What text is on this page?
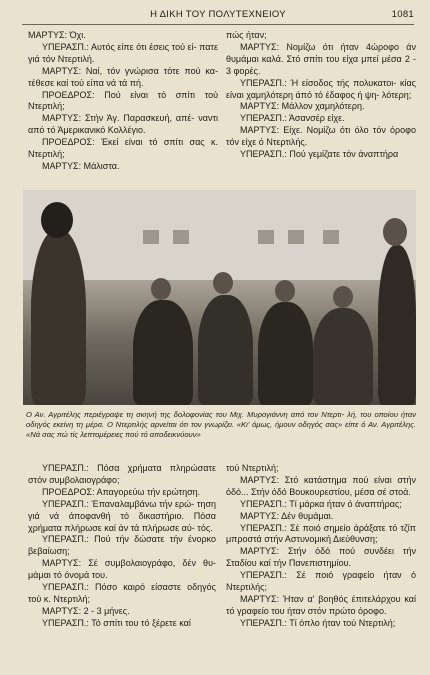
Η ΔΙΚΗ ΤΟΥ ΠΟΛΥΤΕΧΝΕΙΟΥ	1081

ΜΑΡΤΥΣ: Όχι.

ΥΠΕΡΑΣΠ.: Αυτός είπε ότι έσεις τού εί- πατε γιά τόν Ντερτιλή.

ΜΑΡΤΥΣ: Ναί, τόν γνώρισα τότε πού κα- τέθεσε καί τού είπα νά τά πή.

ΠΡΟΕΔΡΟΣ: Πού είναι τό σπίτι τού Ντερτιλή;

ΜΑΡΤΥΣ: Στήν Άγ. Παρασκευή, απέ- ναντι από τό Άμερικανικό Κολλέγιο.

ΠΡΟΕΔΡΟΣ: Έκεί είναι τό σπίτι σας κ. Ντερτιλή;

ΜΑΡΤΥΣ: Μάλιστα.

πώς ήταν;

ΜΑΡΤΥΣ: Νομίζω ότι ήταν 4ώροφο άν θυμάμαι καλά. Στό σπίτι του είχα μπεί μέσα 2 - 3 φορές.

ΥΠΕΡΑΣΠ.: Ή είσοδος τής πολυκατοι- κίας είναι χαμηλότερη άπό τό έδαφος ή ψη- λότερη;

ΜΑΡΤΥΣ: Μάλλον χαμηλότερη.

ΥΠΕΡΑΣΠ.: Άσανσέρ είχε.

ΜΑΡΤΥΣ: Είχε. Νομίζω ότι όλο τόν όροφο τόν είχε ό Ντερτιλής.

ΥΠΕΡΑΣΠ.: Πού γεμίζατε τόν άναπτήρα

Ο Αν. Αγριτέλης περιέγραψε τη σκηνή της δολοφονίας του Μιχ. Μυρογιάννη από τον Ντερτι- λή, του οποίου ήταν οδηγός εκείνη τη μέρα. Ο Ντερτιλής αρνείται ότι τον γνωρίζει. «Κι' όμως, ήμουν οδηγός σας» είπε ό Αν. Αγριτέλης. «Νά σας πώ τίς λεπτομέρειες πού τό αποδεικνύουν»

ΥΠΕΡΑΣΠ.: Πόσα χρήματα πληρώσατε στόν συμβολαιογράφο;

ΠΡΟΕΔΡΟΣ: Απαγορεύω τήν ερώτηση.

ΥΠΕΡΑΣΠ.: Έπαναλαμβάνω τήν ερώ- τηση γιά νά άποφανθή τό δικαστήριο. Πόσα χρήματα πλήρωσε καί άν τά πλήρωσε αύ- τός.

ΥΠΕΡΑΣΠ.: Πού τήν δώσατε τήν ένορκο βεβαίωση;

ΜΑΡΤΥΣ: Σέ συμβολαιογράφο, δέν θυ- μάμαι τό όνομά του.

ΥΠΕΡΑΣΠ.: Πόσο καιρό είσαστε οδηγός τού κ. Ντερτιλή;

ΜΑΡΤΥΣ: 2 - 3 μήνες.

ΥΠΕΡΑΣΠ.: Τό σπίτι του τό ξέρετε καί

τού Ντερτιλή;

ΜΑΡΤΥΣ: Στό κατάστημα πού είναι στήν όδό... Στήν όδό Βουκουρεστίου, μέσα σέ στοά.

ΥΠΕΡΑΣΠ.: Τί μάρκα ήταν ό άναπτήρας;

ΜΑΡΤΥΣ: Δέν θυμάμαι.

ΥΠΕΡΑΣΠ.: Σέ ποιό σημείο άράξατε τό τζίπ μπροστά στήν Αστυνομική Διεύθυνση;

ΜΑΡΤΥΣ: Στήν όδό πού συνδέει τήν Σταδίου καί τήν Πανεπιστημίου.

ΥΠΕΡΑΣΠ.: Σέ ποιό γραφείο ήταν ό Ντερτιλής;

ΜΑΡΤΥΣ: Ήταν α' βοηθός έπιτελάρχου καί τό γραφείο του ήταν στόν πρώτο όροφο.

ΥΠΕΡΑΣΠ.: Τί όπλο ήταν τού Ντερτιλή;
